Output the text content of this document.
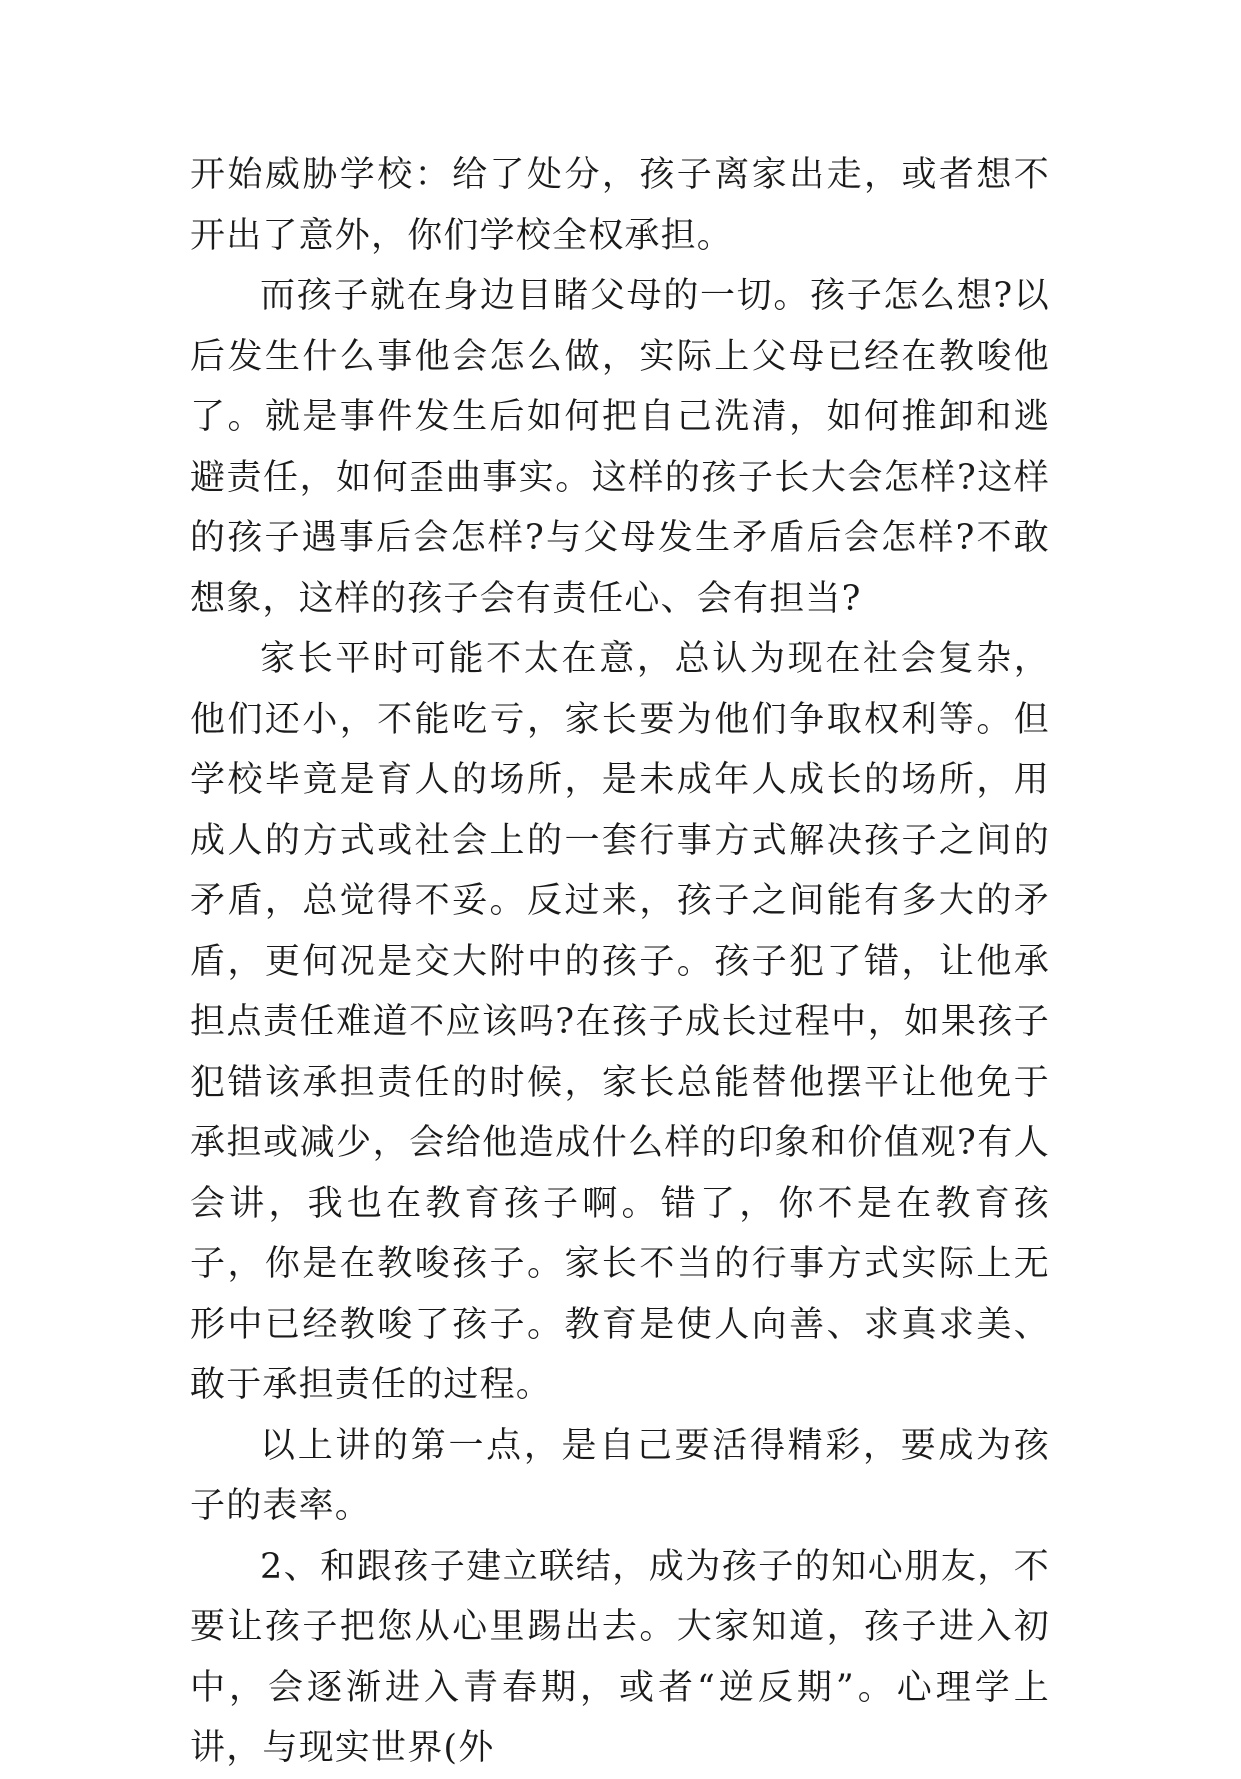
开始威胁学校：给了处分，孩子离家出走，或者想不开出了意外，你们学校全权承担。

而孩子就在身边目睹父母的一切。孩子怎么想?以后发生什么事他会怎么做，实际上父母已经在教唆他了。就是事件发生后如何把自己洗清，如何推卸和逃避责任，如何歪曲事实。这样的孩子长大会怎样?这样的孩子遇事后会怎样?与父母发生矛盾后会怎样?不敢想象，这样的孩子会有责任心、会有担当?

家长平时可能不太在意，总认为现在社会复杂，他们还小，不能吃亏，家长要为他们争取权利等。但学校毕竟是育人的场所，是未成年人成长的场所，用成人的方式或社会上的一套行事方式解决孩子之间的矛盾，总觉得不妥。反过来，孩子之间能有多大的矛盾，更何况是交大附中的孩子。孩子犯了错，让他承担点责任难道不应该吗?在孩子成长过程中，如果孩子犯错该承担责任的时候，家长总能替他摆平让他免于承担或减少，会给他造成什么样的印象和价值观?有人会讲，我也在教育孩子啊。错了，你不是在教育孩子，你是在教唆孩子。家长不当的行事方式实际上无形中已经教唆了孩子。教育是使人向善、求真求美、敢于承担责任的过程。

以上讲的第一点，是自己要活得精彩，要成为孩子的表率。

2、和跟孩子建立联结，成为孩子的知心朋友，不要让孩子把您从心里踢出去。大家知道，孩子进入初中，会逐渐进入青春期，或者“逆反期”。心理学上讲，与现实世界(外
